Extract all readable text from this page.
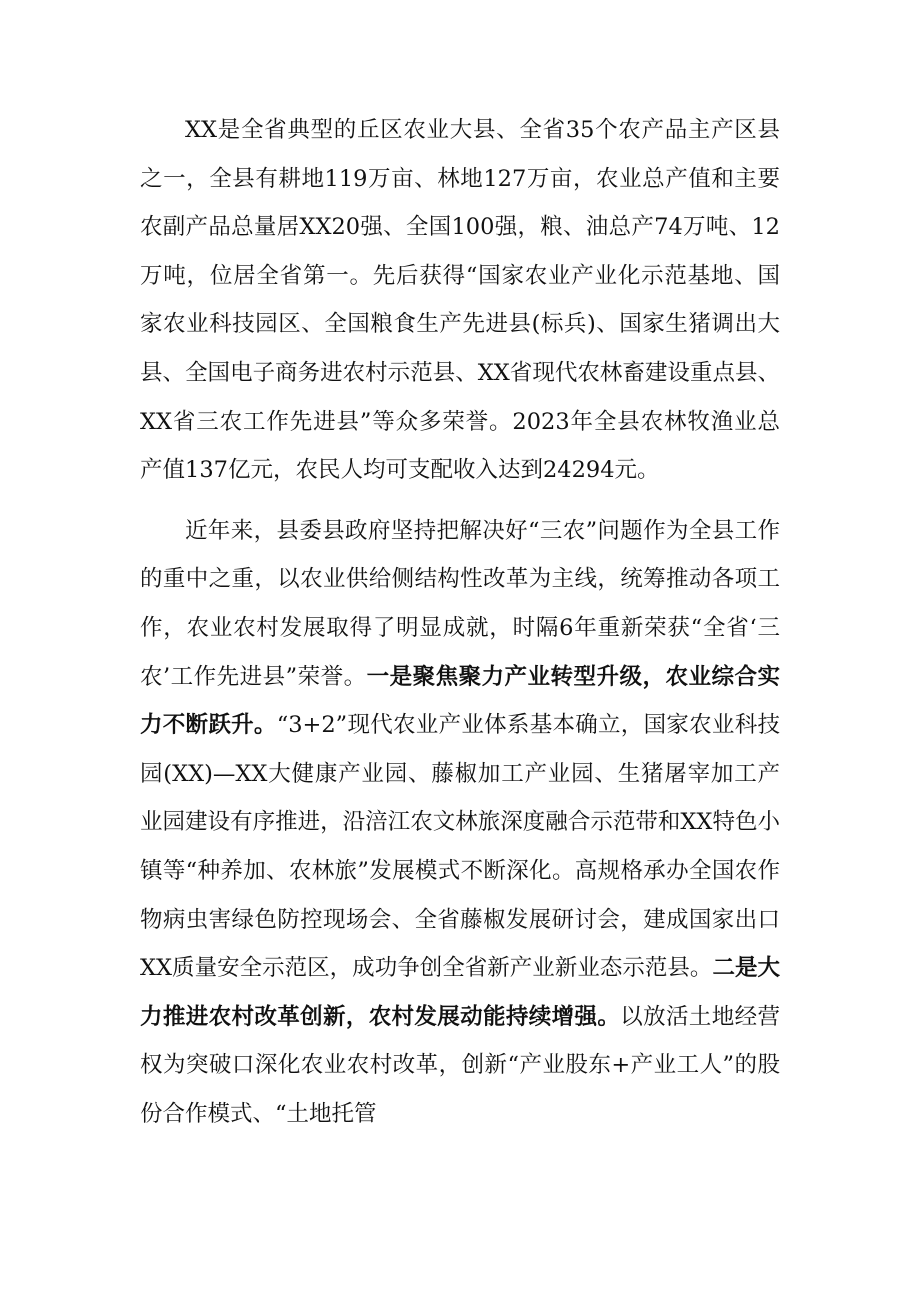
XX是全省典型的丘区农业大县、全省35个农产品主产区县之一，全县有耕地119万亩、林地127万亩，农业总产值和主要农副产品总量居XX20强、全国100强，粮、油总产74万吨、12万吨，位居全省第一。先后获得“国家农业产业化示范基地、国家农业科技园区、全国粮食生产先进县(标兵)、国家生猪调出大县、全国电子商务进农村示范县、XX省现代农林畜建设重点县、XX省三农工作先进县”等众多荣誉。2023年全县农林牧渔业总产值137亿元，农民人均可支配收入达到24294元。

近年来，县委县政府坚持把解决好“三农”问题作为全县工作的重中之重，以农业供给侧结构性改革为主线，统筹推动各项工作，农业农村发展取得了明显成就，时隔6年重新荣获“全省‘三农’工作先进县”荣誉。一是聚焦聚力产业转型升级，农业综合实力不断跃升。“3+2”现代农业产业体系基本确立，国家农业科技园(XX)—XX大健康产业园、藤椒加工产业园、生猪屠宰加工产业园建设有序推进，沿涪江农文林旅深度融合示范带和XX特色小镇等“种养加、农林旅”发展模式不断深化。高规格承办全国农作物病虫害绿色防控现场会、全省藤椒发展研讨会，建成国家出口XX质量安全示范区，成功争创全省新产业新业态示范县。二是大力推进农村改革创新，农村发展动能持续增强。以放活土地经营权为突破口深化农业农村改革，创新“产业股东+产业工人”的股份合作模式、“土地托管
